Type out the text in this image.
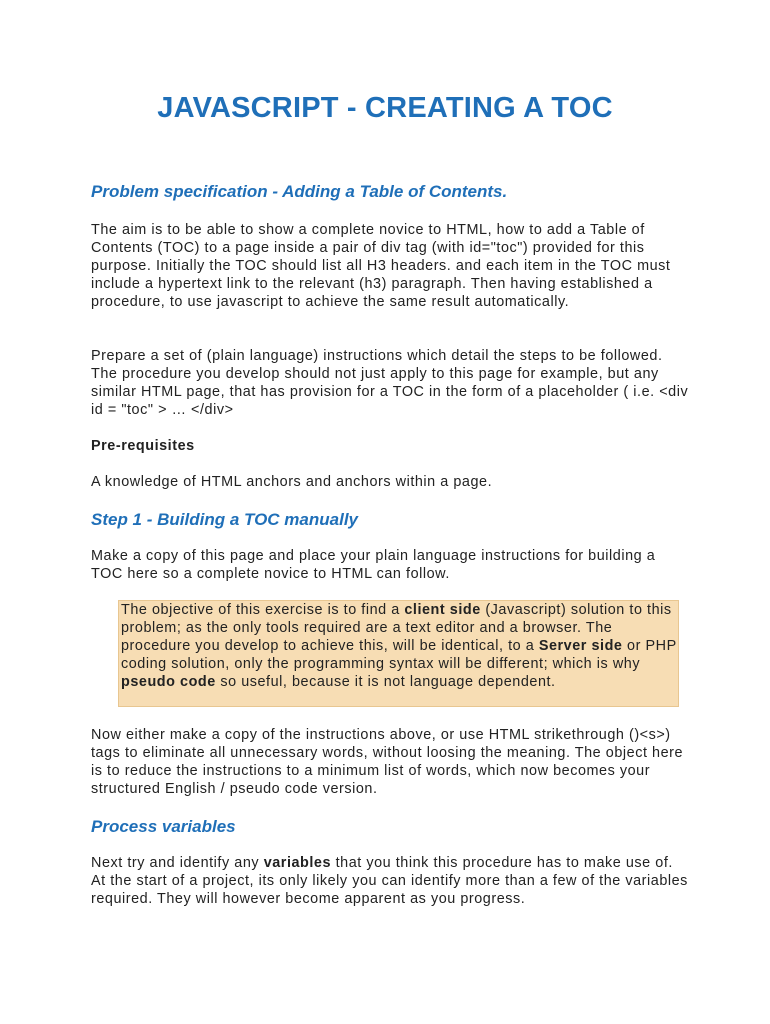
JAVASCRIPT - CREATING A TOC
Problem specification - Adding a Table of Contents.

The aim is to be able to show a complete novice to HTML, how to add a Table of Contents (TOC) to a page inside a pair of div tag (with id="toc") provided for this purpose. Initially the TOC should list all H3 headers. and each item in the TOC must include a hypertext link to the relevant (h3) paragraph. Then having established a procedure, to use javascript to achieve the same result automatically.

Prepare a set of (plain language) instructions which detail the steps to be followed. The procedure you develop should not just apply to this page for example, but any similar HTML page, that has provision for a TOC in the form of a placeholder ( i.e. <div id = "toc" > … </div>

Pre-requisites

A knowledge of HTML anchors and anchors within a page.

Step 1 - Building a TOC manually

Make a copy of this page and place your plain language instructions for building a TOC here so a complete novice to HTML can follow.

The objective of this exercise is to find a client side (Javascript) solution to this problem; as the only tools required are a text editor and a browser. The procedure you develop to achieve this, will be identical, to a Server side or PHP coding solution, only the programming syntax will be different; which is why pseudo code so useful, because it is not language dependent.

Now either make a copy of the instructions above, or use HTML strikethrough ()<s>) tags to eliminate all unnecessary words, without loosing the meaning. The object here is to reduce the instructions to a minimum list of words, which now becomes your structured English / pseudo code version.

Process variables

Next try and identify any variables that you think this procedure has to make use of. At the start of a project, its only likely you can identify more than a few of the variables required. They will however become apparent as you progress.
